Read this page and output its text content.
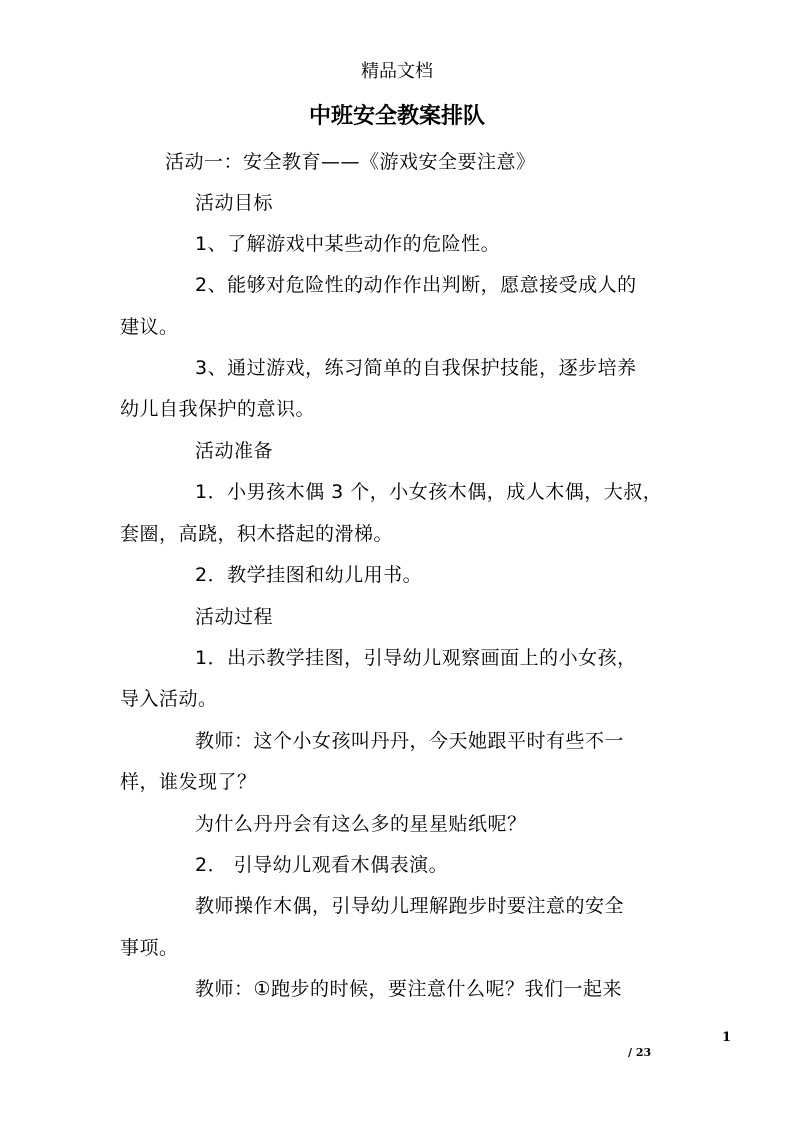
精品文档
中班安全教案排队
活动一：安全教育——《游戏安全要注意》
活动目标
1、了解游戏中某些动作的危险性。
2、能够对危险性的动作作出判断，愿意接受成人的
建议。
3、通过游戏，练习简单的自我保护技能，逐步培养
幼儿自我保护的意识。
活动准备
1．小男孩木偶 3 个，小女孩木偶，成人木偶，大叔，
套圈，高跷，积木搭起的滑梯。
2．教学挂图和幼儿用书。
活动过程
1．出示教学挂图，引导幼儿观察画面上的小女孩，
导入活动。
教师：这个小女孩叫丹丹，今天她跟平时有些不一
样，谁发现了？
为什么丹丹会有这么多的星星贴纸呢？
2． 引导幼儿观看木偶表演。
教师操作木偶，引导幼儿理解跑步时要注意的安全
事项。
教师：①跑步的时候，要注意什么呢？我们一起来
1
/ 23
